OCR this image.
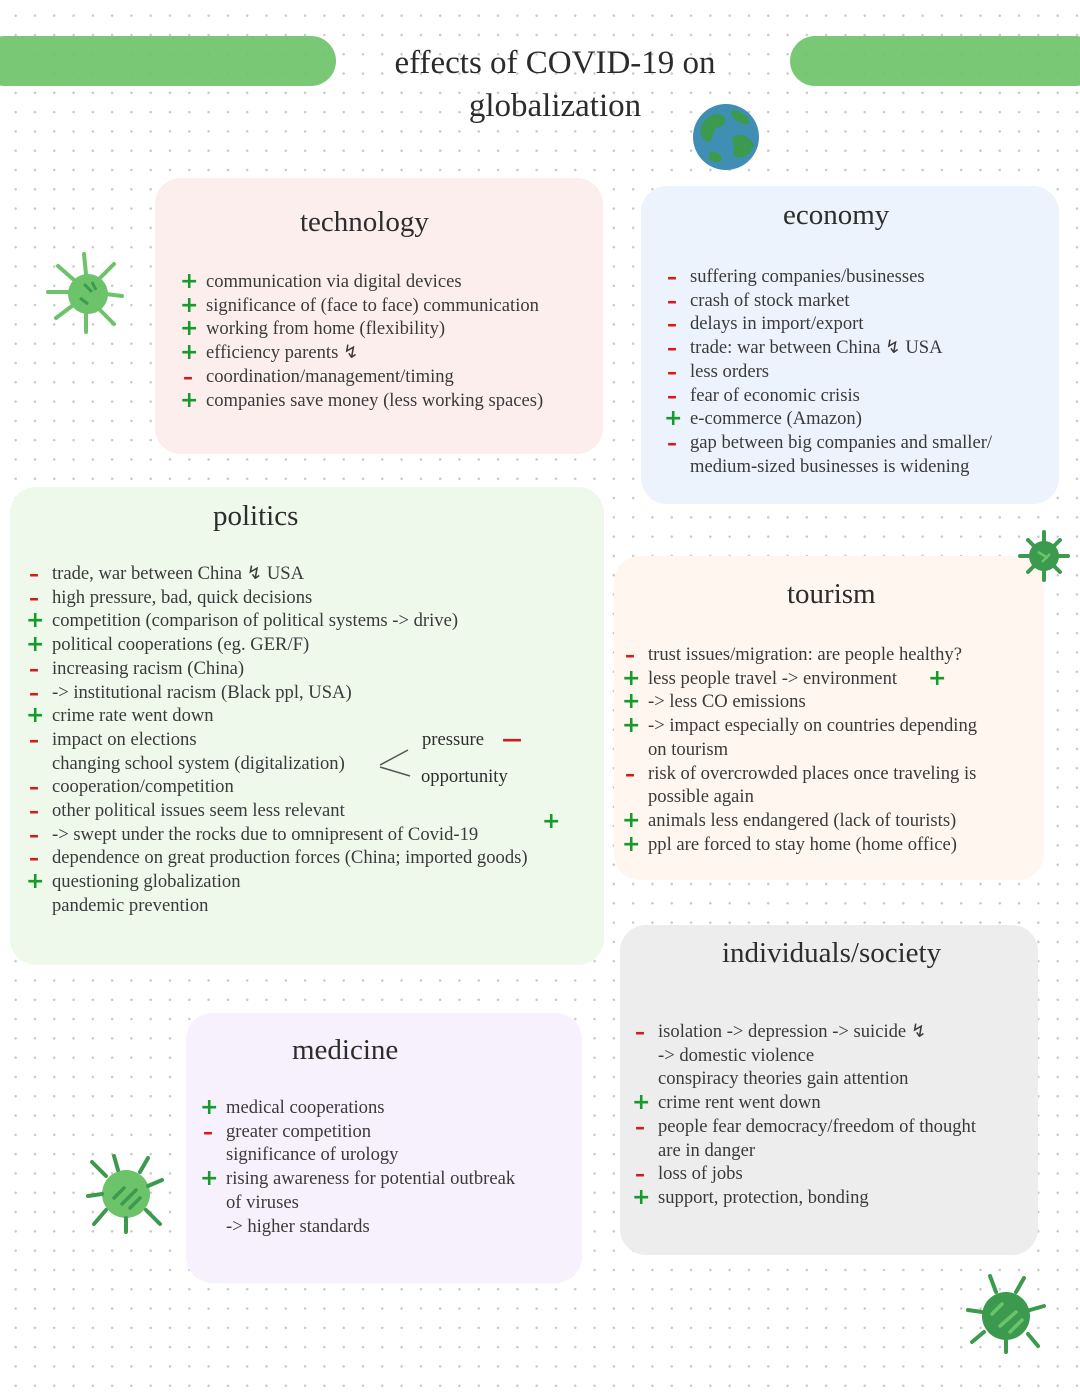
effects of COVID-19 on
globalization
technology	economy
politics
tourism
individuals/society
medicine
+ communication via digital devices
+ significance of (face to face) communication
+ working from home (flexibility)
+ efficiency parents ↯
– coordination/management/timing
+ companies save money (less working spaces)
– suffering companies/businesses
– crash of stock market
– delays in import/export
– trade: war between China ↯ USA
– less orders
– fear of economic crisis
+ e-commerce (Amazon)
– gap between big companies and smaller/
medium-sized businesses is widening
– trade, war between China ↯ USA
– high pressure, bad, quick decisions
+ competition (comparison of political systems -> drive)
+ political cooperations (eg. GER/F)
– increasing racism (China)
– -> institutional racism (Black ppl, USA)
+ crime rate went down
– impact on elections
changing school system (digitalization)
– cooperation/competition
– other political issues seem less relevant
– -> swept under the rocks due to omnipresent of Covid-19
– dependence on great production forces (China; imported goods)
+ questioning globalization
pandemic prevention
– trust issues/migration: are people healthy?
+ less people travel -> environment
+ -> less CO emissions
+ -> impact especially on countries depending
on tourism
– risk of overcrowded places once traveling is
possible again
+ animals less endangered (lack of tourists)
+ ppl are forced to stay home (home office)
– isolation -> depression -> suicide ↯
-> domestic violence
conspiracy theories gain attention
+ crime rent went down
– people fear democracy/freedom of thought
are in danger
– loss of jobs
+ support, protection, bonding
+ medical cooperations
– greater competition
significance of urology
+ rising awareness for potential outbreak
of viruses
-> higher standards
pressure —
opportunity
+
+
